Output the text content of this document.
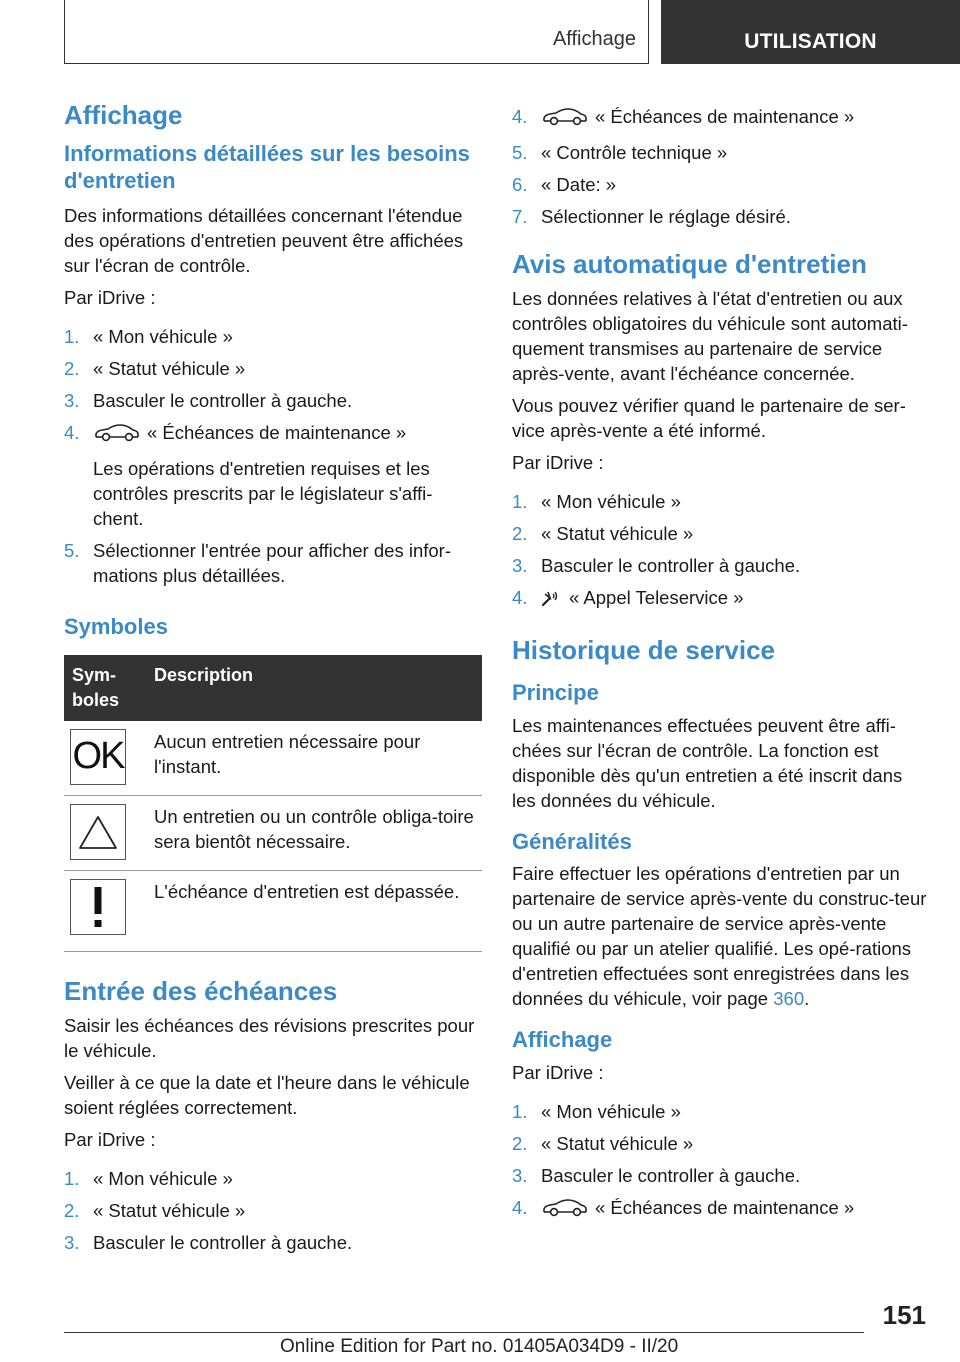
Affichage	UTILISATION
Affichage
Informations détaillées sur les besoins d'entretien

Des informations détaillées concernant l'étendue des opérations d'entretien peuvent être affichées sur l'écran de contrôle.

Par iDrive :

1. « Mon véhicule »
2. « Statut véhicule »
3. Basculer le controller à gauche.
4.	« Échéances de maintenance »
Les opérations d'entretien requises et les contrôles prescrits par le législateur s'affi-chent.
5. Sélectionner l'entrée pour afficher des infor-mations plus détaillées.
Symboles
Sym-boles	Description

OK	Aucun entretien nécessaire pour l'instant.

	Un entretien ou un contrôle obliga-toire sera bientôt nécessaire.

	L'échéance d'entretien est dépassée.
Entrée des échéances

Saisir les échéances des révisions prescrites pour le véhicule.

Veiller à ce que la date et l'heure dans le véhicule soient réglées correctement.

Par iDrive :

1. « Mon véhicule »
2. « Statut véhicule »
3. Basculer le controller à gauche.
4.	« Échéances de maintenance »
5. « Contrôle technique »
6. « Date: »
7. Sélectionner le réglage désiré.
Avis automatique d'entretien

Les données relatives à l'état d'entretien ou aux contrôles obligatoires du véhicule sont automati-quement transmises au partenaire de service après-vente, avant l'échéance concernée.

Vous pouvez vérifier quand le partenaire de ser-vice après-vente a été informé.

Par iDrive :

1. « Mon véhicule »
2. « Statut véhicule »
3. Basculer le controller à gauche.
4. « Appel Teleservice »
Historique de service
Principe

Les maintenances effectuées peuvent être affi-chées sur l'écran de contrôle. La fonction est disponible dès qu'un entretien a été inscrit dans les données du véhicule.

Généralités

Faire effectuer les opérations d'entretien par un partenaire de service après-vente du construc-teur ou un autre partenaire de service après-vente qualifié ou par un atelier qualifié. Les opé-rations d'entretien effectuées sont enregistrées dans les données du véhicule, voir page 360.

Affichage

Par iDrive :

1. « Mon véhicule »
2. « Statut véhicule »
3. Basculer le controller à gauche.
4.	« Échéances de maintenance »
151
Online Edition for Part no. 01405A034D9 - II/20
